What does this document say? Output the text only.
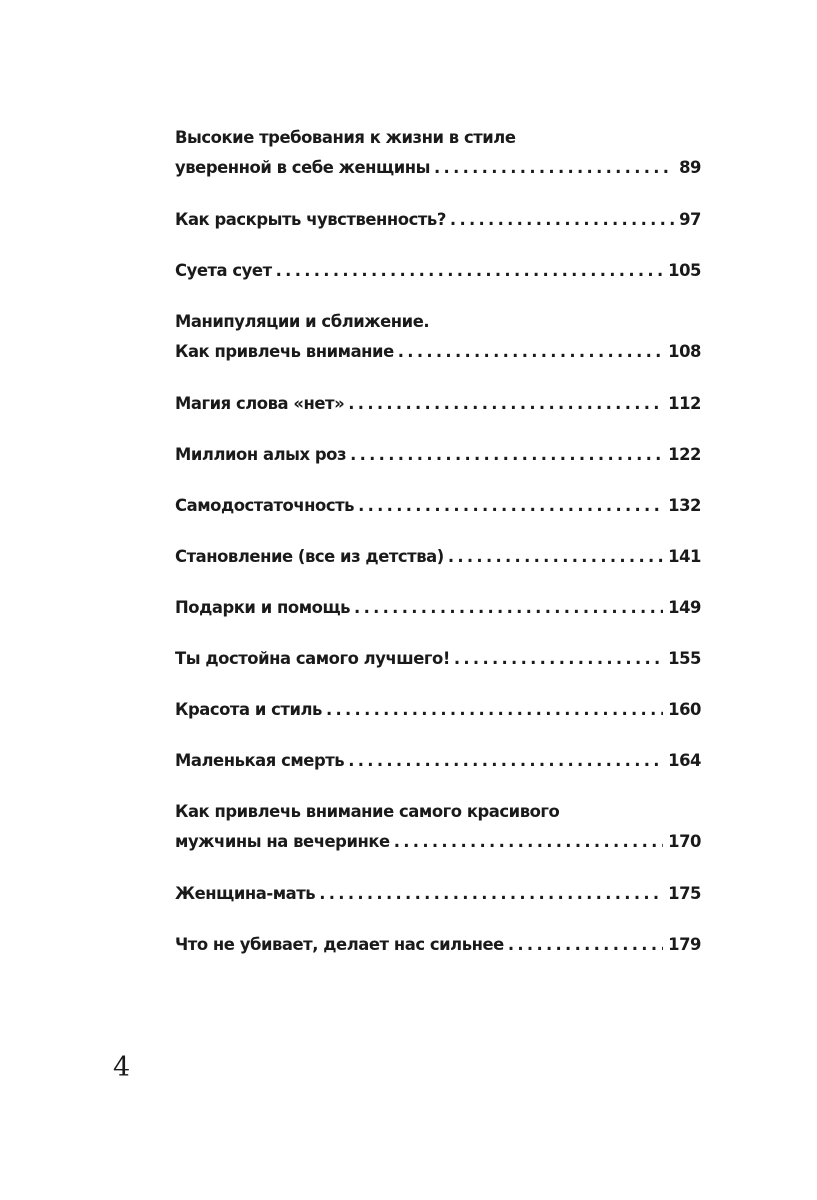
Высокие требования к жизни в стиле
уверенной в себе женщины . . .	89
Как раскрыть чувственность? . . .	97
Суета сует . . .	105
Манипуляции и сближение.
Как привлечь внимание . . .	108
Магия слова «нет» . . .	112
Миллион алых роз . . .	122
Самодостаточность . . .	132
Становление (все из детства) . . .	141
Подарки и помощь . . .	149
Ты достойна самого лучшего! . . .	155
Красота и стиль . . .	160
Маленькая смерть . . .	164
Как привлечь внимание самого красивого
мужчины на вечеринке . . .	170
Женщина-мать . . .	175
Что не убивает, делает нас сильнее . . .	179
4
